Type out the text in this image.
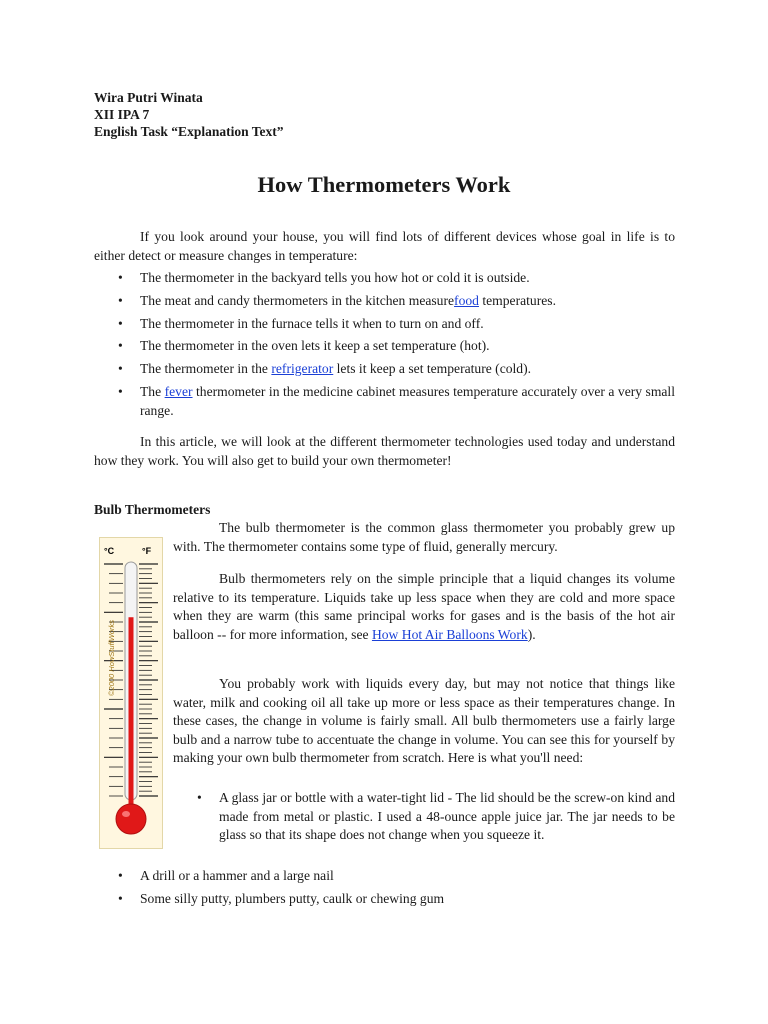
Wira Putri Winata

XII IPA 7

English Task “Explanation Text”

How Thermometers Work

If you look around your house, you will find lots of different devices whose goal in life is to either detect or measure changes in temperature:

• The thermometer in the backyard tells you how hot or cold it is outside.
• The meat and candy thermometers in the kitchen measurefood temperatures.
• The thermometer in the furnace tells it when to turn on and off.
• The thermometer in the oven lets it keep a set temperature (hot).
• The thermometer in the refrigerator lets it keep a set temperature (cold).
• The fever thermometer in the medicine cabinet measures temperature accurately over a very small range.

In this article, we will look at the different thermometer technologies used today and understand how they work. You will also get to build your own thermometer!

Bulb Thermometers

°C	°F
©2000 HowStuffWorks

The bulb thermometer is the common glass thermometer you probably grew up with. The thermometer contains some type of fluid, generally mercury.

Bulb thermometers rely on the simple principle that a liquid changes its volume relative to its temperature. Liquids take up less space when they are cold and more space when they are warm (this same principal works for gases and is the basis of the hot air balloon -- for more information, see How Hot Air Balloons Work).

You probably work with liquids every day, but may not notice that things like water, milk and cooking oil all take up more or less space as their temperatures change. In these cases, the change in volume is fairly small. All bulb thermometers use a fairly large bulb and a narrow tube to accentuate the change in volume. You can see this for yourself by making your own bulb thermometer from scratch. Here is what you'll need:

• A glass jar or bottle with a water-tight lid - The lid should be the screw-on kind and made from metal or plastic. I used a 48-ounce apple juice jar. The jar needs to be glass so that its shape does not change when you squeeze it.
• A drill or a hammer and a large nail
• Some silly putty, plumbers putty, caulk or chewing gum
